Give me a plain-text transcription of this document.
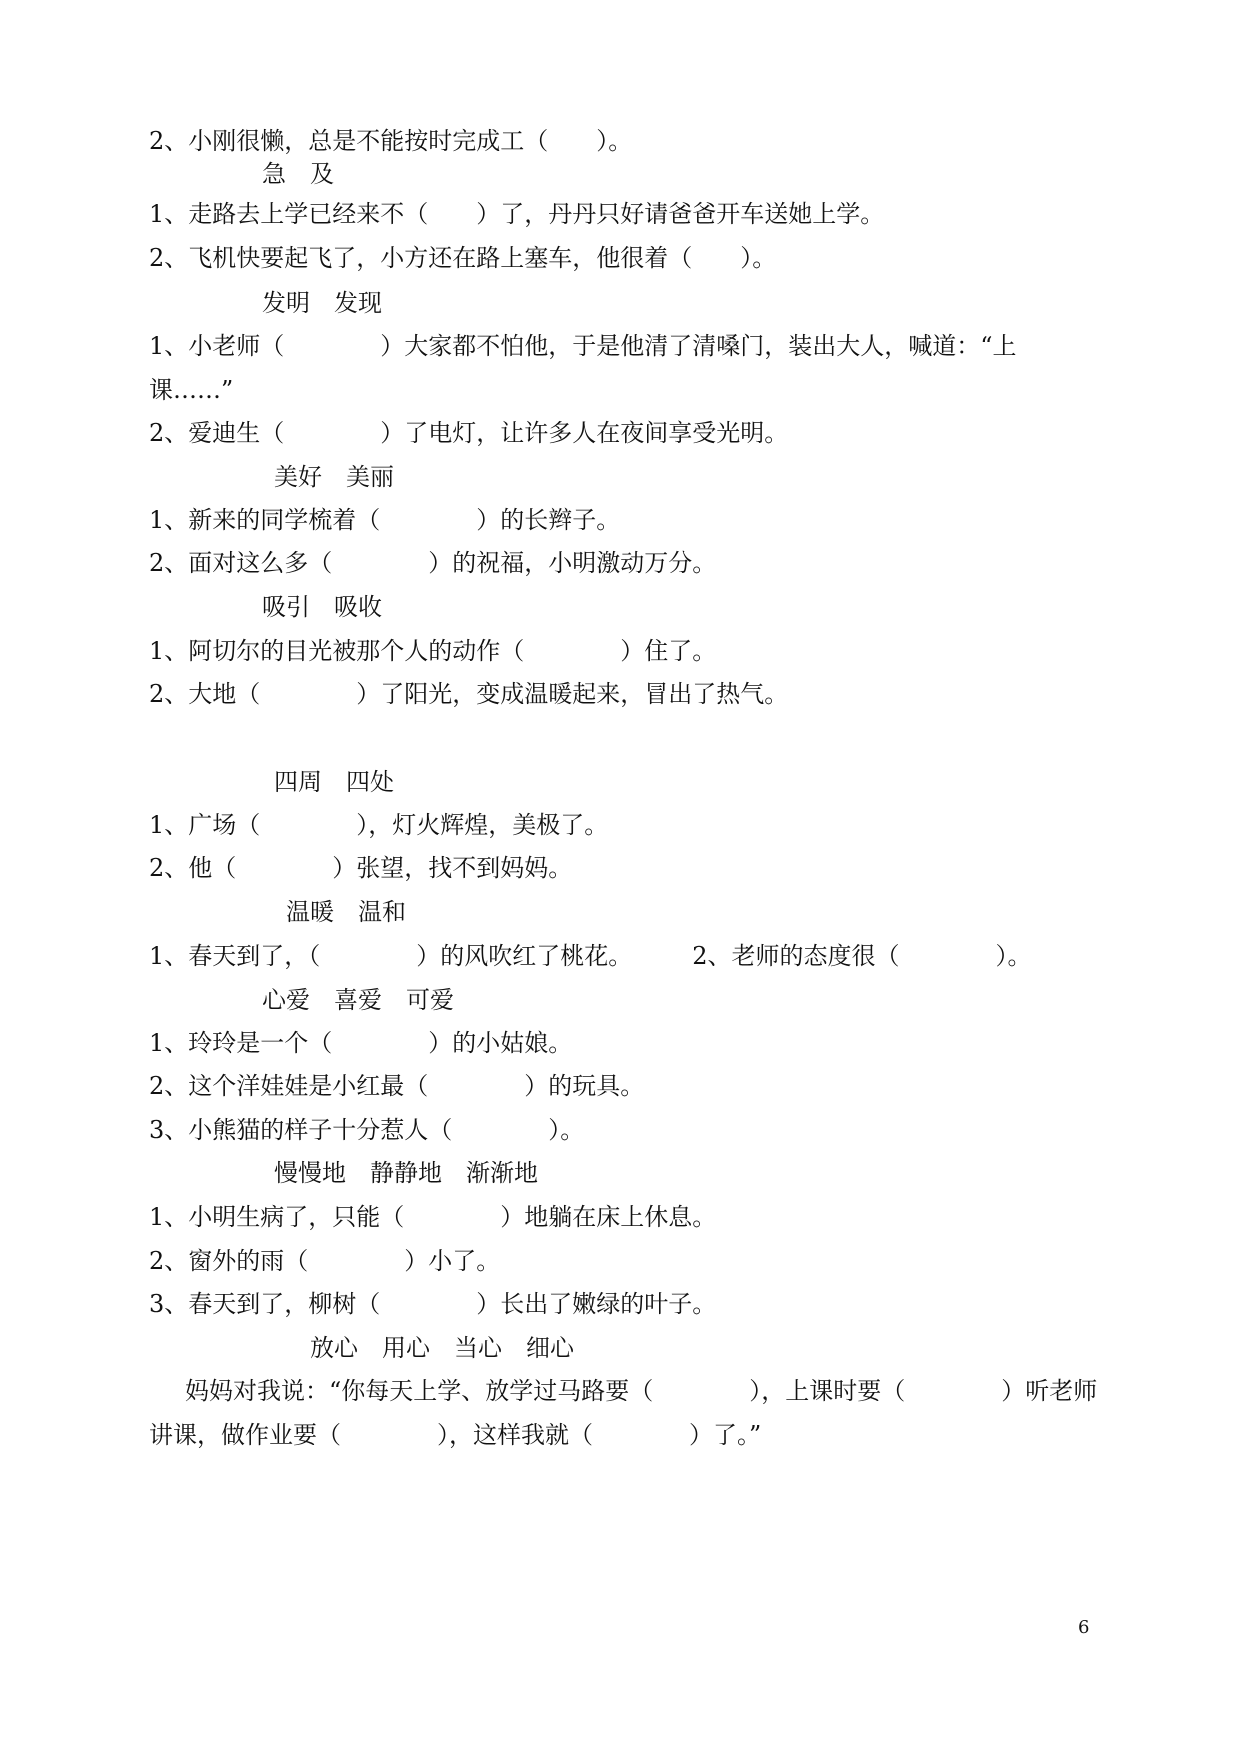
2、小刚很懒，总是不能按时完成工（　　）。
急　及
1、走路去上学已经来不（　　）了，丹丹只好请爸爸开车送她上学。
2、飞机快要起飞了，小方还在路上塞车，他很着（　　）。
发明　发现
1、小老师（　　　　）大家都不怕他，于是他清了清嗓门，装出大人，喊道：“上
课……”
2、爱迪生（　　　　）了电灯，让许多人在夜间享受光明。
美好　美丽
1、新来的同学梳着（　　　　）的长辫子。
2、面对这么多（　　　　）的祝福，小明激动万分。
吸引　吸收
1、阿切尔的目光被那个人的动作（　　　　）住了。
2、大地（　　　　）了阳光，变成温暖起来，冒出了热气。
四周　四处
1、广场（　　　　），灯火辉煌，美极了。
2、他（　　　　）张望，找不到妈妈。
温暖　温和
1、春天到了，（　　　　）的风吹红了桃花。　　　2、老师的态度很（　　　　）。
心爱　喜爱　可爱
1、玲玲是一个（　　　　）的小姑娘。
2、这个洋娃娃是小红最（　　　　）的玩具。
3、小熊猫的样子十分惹人（　　　　）。
慢慢地　静静地　渐渐地
1、小明生病了，只能（　　　　）地躺在床上休息。
2、窗外的雨（　　　　）小了。
3、春天到了，柳树（　　　　）长出了嫩绿的叶子。
放心　用心　当心　细心
妈妈对我说：“你每天上学、放学过马路要（　　　　），上课时要（　　　　）听老师
讲课，做作业要（　　　　），这样我就（　　　　）了。”
6
